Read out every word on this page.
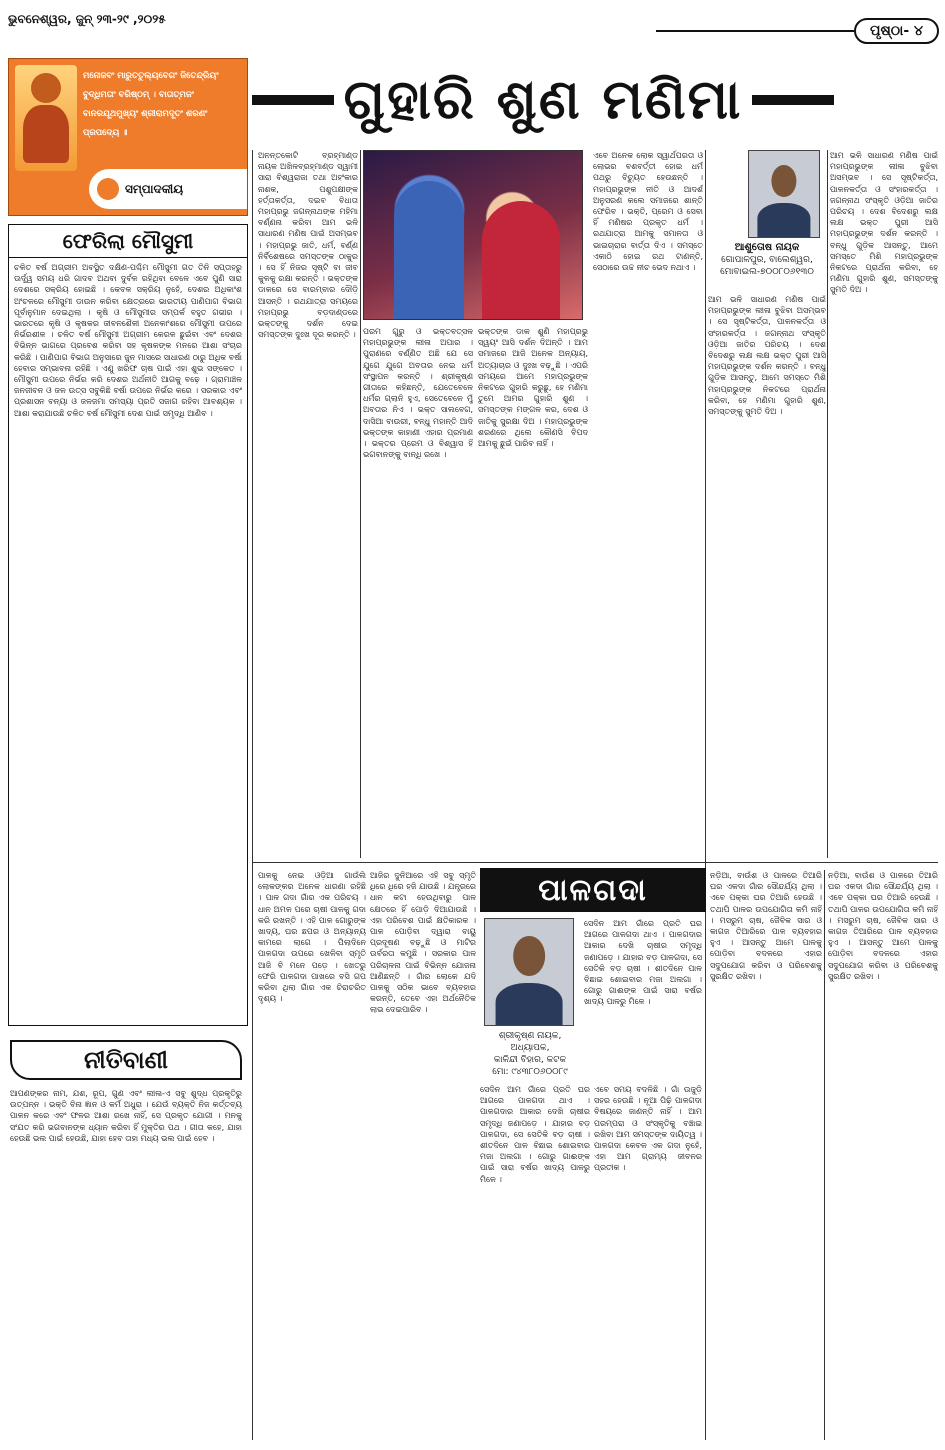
ଭୁବନେଶ୍ୱର, ଜୁନ୍ ୨୩-୨୯ ,୨୦୨୫
ପୃଷ୍ଠା- ୪
ମନୋଜବଂ ମାରୁତତୁଲ୍ୟବେଗଂ ଜିତେନ୍ଦ୍ରିୟଂ ବୁଦ୍ଧିମତାଂ ବରିଷ୍ଠମ୍ । ବାତାତ୍ମଜଂ ବାନରଯୂଥମୁଖ୍ୟଂ ଶ୍ରୀରାମଦୂତଂ ଶରଣଂ ପ୍ରପଦ୍ୟେ ॥
ସମ୍ପାଦକୀୟ
ଫେରିଲା ମୌସୁମୀ
ଚଳିତ ବର୍ଷ ଅଗ୍ରୀମ ଅବସ୍ଥିତ ଦକ୍ଷିଣ-ପଶ୍ଚିମ ମୌସୁମୀ ଗତ ତିନି ସପ୍ତାହରୁ ଊର୍ଦ୍ଧ୍ୱ ସମୟ ଧରି ଗାଦବ ଅଥବା ଦୁର୍ବଳ ରହିଥିବା ବେଳେ ଏବେ ପୁଣି ସାରା ଦେଶରେ ସକ୍ରିୟ ହୋଇଛି । କେବଳ ସକ୍ରିୟ ନୁହେଁ, ଦେଶର ଅଧିକାଂଶ ଅଂଚଳରେ ମୌସୁମୀ ଡାଉନ କରିବା କ୍ଷେତ୍ରରେ ଭାରତୀୟ ପାଣିପାଗ ବିଭାଗ ପୂର୍ବାନୁମାନ ଦେଇଥିଲା । କୃଷି ଓ ମୌସୁମୀର ସମ୍ପର୍କ ବହୁତ ଗଭୀର । ଭାରତରେ କୃଷି ଓ କୃଷକର ଜୀବନଶୈଳୀ ଅନେକାଂଶରେ ମୌସୁମୀ ଉପରେ ନିର୍ଭରଶୀଳ । ଚଳିତ ବର୍ଷ ମୌସୁମୀ ଅଗ୍ରୀମ କେରଳ ଛୁଇଁବା ଏବଂ ଦେଶର ବିଭିନ୍ନ ଭାଗରେ ପ୍ରବେଶ କରିବା ସହ କୃଷକଙ୍କ ମନରେ ଆଶା ସଂଚାର କରିଛି । ପାଣିପାଗ ବିଭାଗ ଅନୁସାରେ ଜୁନ ମାସରେ ସାଧାରଣ ଠାରୁ ଅଧିକ ବର୍ଷା ହେବାର ସମ୍ଭାବନା ରହିଛି । ଏଣୁ ଖରିଫ ଚାଷ ପାଇଁ ଏହା ଶୁଭ ସଙ୍କେତ । ମୌସୁମୀ ଉପରେ ନିର୍ଭର କରି ଦେଶର ଅର୍ଥନୀତି ଆଗକୁ ବଢ଼େ । ଗ୍ରାମାଞ୍ଚଳ ଜନଜୀବନ ଓ ଜଳ ଉତ୍ସ ସବୁକିଛି ବର୍ଷା ଉପରେ ନିର୍ଭର କରେ । ସରକାର ଏବଂ ପ୍ରଶାସନ ବନ୍ୟା ଓ ଜଳଜମା ସମସ୍ୟା ପ୍ରତି ସଜାଗ ରହିବା ଆବଶ୍ୟକ । ଆଶା କରାଯାଉଛି ଚଳିତ ବର୍ଷ ମୌସୁମୀ ଦେଶ ପାଇଁ ସମୃଦ୍ଧି ଆଣିବ ।
ନୀତିବାଣୀ
ଆପଣଙ୍କର ନାମ, ଯଶ, ରୂପ, ଗୁଣ ଏବଂ ଲୀଳା-ଏ ସବୁ ଶୁଦ୍ଧ ପ୍ରକୃତିରୁ ଉତ୍ପନ୍ନ । ଭକ୍ତି ବିନା ଜ୍ଞାନ ଓ କର୍ମ ଅଧୁରା । ଯେଉଁ ବ୍ୟକ୍ତି ନିଜ କର୍ତ୍ତବ୍ୟ ପାଳନ କରେ ଏବଂ ଫଳର ଆଶା ରଖେ ନାହିଁ, ସେ ପ୍ରକୃତ ଯୋଗୀ । ମନକୁ ସଂଯତ କରି ଭଗବାନଙ୍କ ଧ୍ୟାନ କରିବା ହିଁ ମୁକ୍ତିର ପଥ । ଗୀତା କହେ, ଯାହା ହେଉଛି ଭଲ ପାଇଁ ହେଉଛି, ଯାହା ହେବ ତାହା ମଧ୍ୟ ଭଲ ପାଇଁ ହେବ ।
ଗୁହାରି ଶୁଣ ମଣିମା
ଅନନ୍ତକୋଟି ବ୍ରହ୍ମାଣ୍ଡ ନାୟକ ଅଖିଳବ୍ରହ୍ମାଣ୍ଡ ସ୍ୱାମୀ ସାରା ବିଶ୍ୱରାଜା ତଥା ଅହଂକାର ନାଶକ, ପଶୁପକ୍ଷୀଙ୍କ ହର୍ତ୍ତାକର୍ତ୍ତା, ଦଇବ ବିଧାତା ମହାପ୍ରଭୁ ଜଗନ୍ନାଥଙ୍କ ମହିମା ବର୍ଣ୍ଣନା କରିବା ଆମ ଭଳି ସାଧାରଣ ମଣିଷ ପାଇଁ ଅସମ୍ଭବ । ମହାପ୍ରଭୁ ଜାତି, ଧର୍ମ, ବର୍ଣ୍ଣ ନିର୍ବିଶେଷରେ ସମସ୍ତଙ୍କ ଠାକୁର । ସେ ହିଁ ନିଜର ସୃଷ୍ଟି ବା ଜୀବ କୁଳକୁ ରକ୍ଷା କରନ୍ତି । ଭକ୍ତଙ୍କ ଡାକରେ ସେ ବାରମ୍ବାର ଦୌଡ଼ି ଆସନ୍ତି । ରଥଯାତ୍ରା ସମୟରେ ମହାପ୍ରଭୁ ବଡ଼ଦାଣ୍ଡରେ ଭକ୍ତଙ୍କୁ ଦର୍ଶନ ଦେଇ ସମସ୍ତଙ୍କ ଦୁଃଖ ଦୂର କରନ୍ତି । ପରମ ଗୁରୁ ଓ ଭକ୍ତବତ୍ସଳ ମହାପ୍ରଭୁଙ୍କ ଲୀଳା ଅପାର । ପୁରାଣରେ ବର୍ଣ୍ଣିତ ଅଛି ଯେ ସେ ଯୁଗେ ଯୁଗେ ଅବତାର ନେଇ ଧର୍ମ ସଂସ୍ଥାପନ କରନ୍ତି । ଶ୍ରୀକୃଷ୍ଣ ଗୀତାରେ କହିଛନ୍ତି, ଯେତେବେଳେ ଧର୍ମର ଗ୍ଲାନି ହୁଏ, ସେତେବେଳେ ମୁଁ ଅବତାର ନିଏ । ଭକ୍ତ ସାଲବେଗ, ଦାସିଆ ବାଉରୀ, ବନ୍ଧୁ ମହାନ୍ତି ଆଦି ଭକ୍ତଙ୍କ କାହାଣୀ ଏହାର ପ୍ରମାଣ । ଭକ୍ତର ପ୍ରେମ ଓ ବିଶ୍ୱାସ ହିଁ ଭଗବାନଙ୍କୁ ବାନ୍ଧି ରଖେ ।
ଭକ୍ତଙ୍କ ଡାକ ଶୁଣି ମହାପ୍ରଭୁ ସ୍ୱୟଂ ଆସି ଦର୍ଶନ ଦିଅନ୍ତି । ଆମ ସମାଜରେ ଆଜି ଅନେକ ଅନ୍ୟାୟ, ଅତ୍ୟାଚାର ଓ ଦୁଃଖ ବଢ଼ୁଛି । ଏପରି ସମୟରେ ଆମେ ମହାପ୍ରଭୁଙ୍କ ନିକଟରେ ଗୁହାରି କରୁଛୁ, ହେ ମଣିମା ତୁମେ ଆମର ଗୁହାରି ଶୁଣ । ସମସ୍ତଙ୍କ ମଙ୍ଗଳ କର, ଦେଶ ଓ ଜାତିକୁ ସୁରକ୍ଷା ଦିଅ । ମହାପ୍ରଭୁଙ୍କ ଶରଣରେ ଥିଲେ କୌଣସି ବିପଦ ଆମକୁ ଛୁଇଁ ପାରିବ ନାହିଁ ।
ଏବେ ଅନେକ ଲୋକ ସ୍ୱାର୍ଥପରତା ଓ ଲୋଭର ବଶବର୍ତ୍ତୀ ହୋଇ ଧର୍ମ ପଥରୁ ବିଚ୍ୟୁତ ହେଉଛନ୍ତି । ମହାପ୍ରଭୁଙ୍କ ନୀତି ଓ ଆଦର୍ଶ ଅନୁସରଣ କଲେ ସମାଜରେ ଶାନ୍ତି ଫେରିବ । ଭକ୍ତି, ପ୍ରେମ ଓ ସେବା ହିଁ ମଣିଷର ପ୍ରକୃତ ଧର୍ମ । ରଥଯାତ୍ରା ଆମକୁ ସମାନତା ଓ ଭାଇଚାରାର ବାର୍ତ୍ତା ଦିଏ । ସମସ୍ତେ ଏକାଠି ହୋଇ ରଥ ଟାଣନ୍ତି, ସେଠାରେ ଉଚ୍ଚ ନୀଚ ଭେଦ ନଥାଏ ।
ଆଶୁତୋଷ ନାୟକ
ଗୋପାଳପୁର, ବାଲେଶ୍ୱର,
ମୋବାଇଲ-୭୦୦୮୦୬୧୩୦
ଆମ ଭଳି ସାଧାରଣ ମଣିଷ ପାଇଁ ମହାପ୍ରଭୁଙ୍କ ଲୀଳା ବୁଝିବା ଅସମ୍ଭବ । ସେ ସୃଷ୍ଟିକର୍ତ୍ତା, ପାଳନକର୍ତ୍ତା ଓ ସଂହାରକର୍ତ୍ତା । ଜଗନ୍ନାଥ ସଂସ୍କୃତି ଓଡ଼ିଆ ଜାତିର ପରିଚୟ । ଦେଶ ବିଦେଶରୁ ଲକ୍ଷ ଲକ୍ଷ ଭକ୍ତ ପୁରୀ ଆସି ମହାପ୍ରଭୁଙ୍କ ଦର୍ଶନ କରନ୍ତି । ବନ୍ଧୁ ଗୁଡ଼ିକ ଆସନ୍ତୁ, ଆମେ ସମସ୍ତେ ମିଶି ମହାପ୍ରଭୁଙ୍କ ନିକଟରେ ପ୍ରାର୍ଥନା କରିବା, ହେ ମଣିମା ଗୁହାରି ଶୁଣ, ସମସ୍ତଙ୍କୁ ସୁମତି ଦିଅ ।
ଆମ ଭଳି ସାଧାରଣ ମଣିଷ ପାଇଁ ମହାପ୍ରଭୁଙ୍କ ଲୀଳା ବୁଝିବା ଅସମ୍ଭବ । ସେ ସୃଷ୍ଟିକର୍ତ୍ତା, ପାଳନକର୍ତ୍ତା ଓ ସଂହାରକର୍ତ୍ତା । ଜଗନ୍ନାଥ ସଂସ୍କୃତି ଓଡ଼ିଆ ଜାତିର ପରିଚୟ । ଦେଶ ବିଦେଶରୁ ଲକ୍ଷ ଲକ୍ଷ ଭକ୍ତ ପୁରୀ ଆସି ମହାପ୍ରଭୁଙ୍କ ଦର୍ଶନ କରନ୍ତି । ବନ୍ଧୁ ଗୁଡ଼ିକ ଆସନ୍ତୁ, ଆମେ ସମସ୍ତେ ମିଶି ମହାପ୍ରଭୁଙ୍କ ନିକଟରେ ପ୍ରାର୍ଥନା କରିବା, ହେ ମଣିମା ଗୁହାରି ଶୁଣ, ସମସ୍ତଙ୍କୁ ସୁମତି ଦିଅ ।
ପାଳକୁ ନେଇ ଓଡ଼ିଆ ଗାଉଁଲି ଲୋକଙ୍କର ଅନେକ ଧାରଣା ରହିଛି । ପାଳ ଗଦା ଗାଁର ଏକ ପରିଚୟ । ଧାନ ଅମଳ ପରେ ଚାଷୀ ପାଳକୁ ଗଦା କରି ରଖନ୍ତି । ଏହି ପାଳ ଗୋରୁଙ୍କ ଖାଦ୍ୟ, ଘର ଛପର ଓ ଅନ୍ୟାନ୍ୟ କାମରେ ଲାଗେ । ପିଲାଦିନେ ପାଳଗଦା ଉପରେ ଖେଳିବା ସ୍ମୃତି ଆଜି ବି ମନେ ପଡ଼େ । ଖେତରୁ ଫେରି ପାଳଗଦା ପାଖରେ ବସି ଗପ କରିବା ଥିଲା ଗାଁର ଏକ ଚିରାଚରିତ ଦୃଶ୍ୟ ।
ଆଜିର ଦୁନିଆରେ ଏହି ସବୁ ସ୍ମୃତି ଧିରେ ଧିରେ ହଜି ଯାଉଛି । ଯନ୍ତ୍ରରେ ଧାନ କଟା ହେଉଥିବାରୁ ପାଳ କ୍ଷେତରେ ହିଁ ପୋଡ଼ି ଦିଆଯାଉଛି । ଏହା ପରିବେଶ ପାଇଁ କ୍ଷତିକାରକ । ପାଳ ପୋଡ଼ିବା ଦ୍ୱାରା ବାୟୁ ପ୍ରଦୂଷଣ ବଢ଼ୁଛି ଓ ମାଟିର ଉର୍ବରତା କମୁଛି । ସରକାର ପାଳ ପରିଚାଳନା ପାଇଁ ବିଭିନ୍ନ ଯୋଜନା ଆଣିଛନ୍ତି । ଗାଁର ଲୋକେ ଯଦି ପାଳକୁ ସଠିକ ଭାବେ ବ୍ୟବହାର କରନ୍ତି, ତେବେ ଏହା ଅର୍ଥନୈତିକ ଲାଭ ଦେଇପାରିବ ।
ପାଳଗଦା
ଶ୍ରୀକୃଷ୍ଣ ନାୟକ, ଅଧ୍ୟାପକ,
କାଳିନ୍ଦୀ ବିହାର, କଟକ
ମୋ: ୯୪୩୮୦୬୦୦୮୯
ସେଦିନ ଆମ ଗାଁରେ ପ୍ରତି ଘର ଆଗରେ ପାଳଗଦା ଥାଏ । ପାଳଗଦାର ଆକାର ଦେଖି ଚାଷୀର ସମୃଦ୍ଧି ଜଣାପଡ଼େ । ଯାହାର ବଡ଼ ପାଳଗଦା, ସେ ସେତିକି ବଡ଼ ଚାଷୀ । ଶୀତଦିନେ ପାଳ ବିଛାଇ ଶୋଇବାର ମଜା ଅଲଗା । ଗୋରୁ ଗାଈଙ୍କ ପାଇଁ ସାରା ବର୍ଷର ଖାଦ୍ୟ ପାଳରୁ ମିଳେ ।
ସେଦିନ ଆମ ଗାଁରେ ପ୍ରତି ଘର ଆଗରେ ପାଳଗଦା ଥାଏ । ପାଳଗଦାର ଆକାର ଦେଖି ଚାଷୀର ସମୃଦ୍ଧି ଜଣାପଡ଼େ । ଯାହାର ବଡ଼ ପାଳଗଦା, ସେ ସେତିକି ବଡ଼ ଚାଷୀ । ଶୀତଦିନେ ପାଳ ବିଛାଇ ଶୋଇବାର ମଜା ଅଲଗା । ଗୋରୁ ଗାଈଙ୍କ ପାଇଁ ସାରା ବର୍ଷର ଖାଦ୍ୟ ପାଳରୁ ମିଳେ ।
ଏବେ ସମୟ ବଦଳିଛି । ଗାଁ ଉଜୁଡ଼ି ସହର ହେଉଛି । ନୂଆ ପିଢ଼ି ପାଳଗଦା ବିଷୟରେ ଜାଣନ୍ତି ନାହିଁ । ଆମ ପରମ୍ପରା ଓ ସଂସ୍କୃତିକୁ ବଞ୍ଚାଇ ରଖିବା ଆମ ସମସ୍ତଙ୍କ ଦାୟିତ୍ୱ । ପାଳଗଦା କେବଳ ଏକ ଗଦା ନୁହେଁ, ଏହା ଆମ ଗ୍ରାମ୍ୟ ଜୀବନର ପ୍ରତୀକ ।
ନଡ଼ିଆ, ବାଉଁଶ ଓ ପାଳରେ ତିଆରି ଘର ଏକଦା ଗାଁର ସୌନ୍ଦର୍ଯ୍ୟ ଥିଲା । ଏବେ ପକ୍କା ଘର ତିଆରି ହେଉଛି । ତଥାପି ପାଳର ଉପଯୋଗିତା କମି ନାହିଁ । ମସରୁମ ଚାଷ, ଜୈବିକ ସାର ଓ କାଗଜ ତିଆରିରେ ପାଳ ବ୍ୟବହାର ହୁଏ । ଆସନ୍ତୁ ଆମେ ପାଳକୁ ପୋଡ଼ିବା ବଦଳରେ ଏହାର ସଦୁପଯୋଗ କରିବା ଓ ପରିବେଶକୁ ସୁରକ୍ଷିତ ରଖିବା ।
ନଡ଼ିଆ, ବାଉଁଶ ଓ ପାଳରେ ତିଆରି ଘର ଏକଦା ଗାଁର ସୌନ୍ଦର୍ଯ୍ୟ ଥିଲା । ଏବେ ପକ୍କା ଘର ତିଆରି ହେଉଛି । ତଥାପି ପାଳର ଉପଯୋଗିତା କମି ନାହିଁ । ମସରୁମ ଚାଷ, ଜୈବିକ ସାର ଓ କାଗଜ ତିଆରିରେ ପାଳ ବ୍ୟବହାର ହୁଏ । ଆସନ୍ତୁ ଆମେ ପାଳକୁ ପୋଡ଼ିବା ବଦଳରେ ଏହାର ସଦୁପଯୋଗ କରିବା ଓ ପରିବେଶକୁ ସୁରକ୍ଷିତ ରଖିବା ।
